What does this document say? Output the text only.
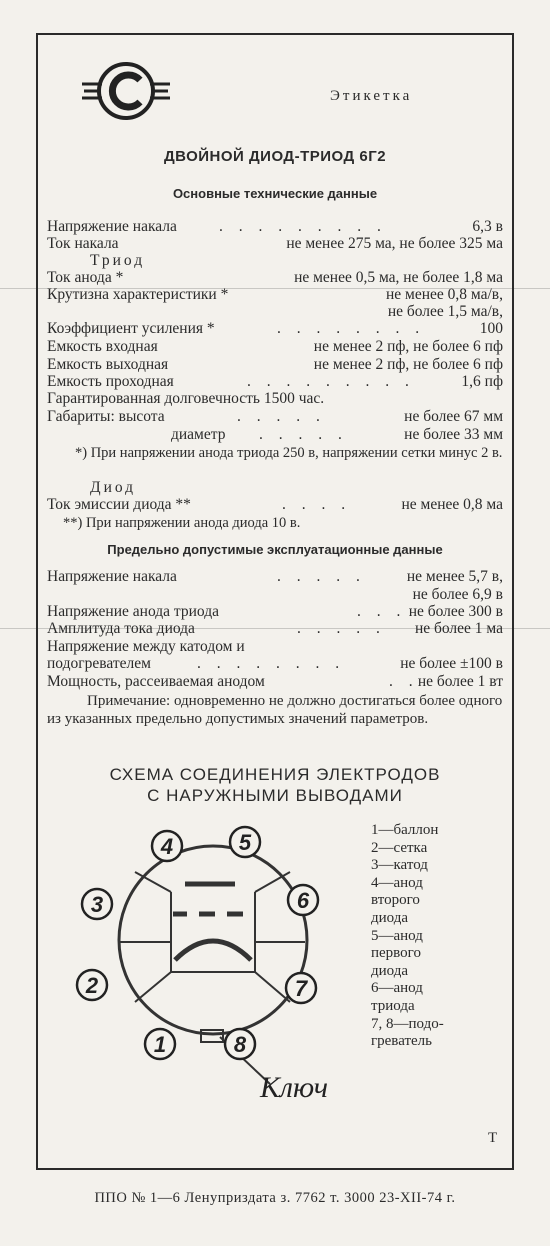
Этикетка
ДВОЙНОЙ ДИОД-ТРИОД 6Г2
Основные технические данные
Напряжение накала	. . . . . . . . .	6,3 в
Ток накала	не менее 275 ма, не более 325 ма
Триод
Ток анода *	не менее 0,5 ма, не более 1,8 ма
Крутизна характеристики *	не менее 0,8 ма/в,
не более 1,5 ма/в,
Коэффициент усиления *	. . . . . . . .	100
Емкость входная	не менее 2 пф, не более 6 пф
Емкость выходная	не менее 2 пф, не более 6 пф
Емкость проходная	. . . . . . . . .	1,6 пф
Гарантированная долговечность 1500 час.
Габариты: высота	. . . . .	не более 67 мм
диаметр . . . . .	не более 33 мм
*) При напряжении анода триода 250 в, напряжении сетки минус 2 в.
Диод
Ток эмиссии диода **	. . . .	не менее 0,8 ма
**) При напряжении анода диода 10 в.
Предельно допустимые эксплуатационные данные
Напряжение накала	. . . . .	не менее 5,7 в,
не более 6,9 в
Напряжение анода триода	. . . не более 300 в
Амплитуда тока диода	. . . . . не более 1 ма
Напряжение между катодом и
подогревателем	. . . . . . . .	не более ±100 в
Мощность, рассеиваемая анодом	. . не более 1 вт
Примечание: одновременно не должно достигаться более одного из указанных предельно допустимых значений параметров.
СХЕМА СОЕДИНЕНИЯ ЭЛЕКТРОДОВ
С НАРУЖНЫМИ ВЫВОДАМИ
1
2
3
4	5
6
7
8
Ключ
1—баллон
2—сетка
3—катод
4—анод
второго
диода
5—анод
первого
диода
6—анод
триода
7, 8—подо-
греватель
Т
ППО № 1—6 Ленуприздата з. 7762 т. 3000 23-XII-74 г.
